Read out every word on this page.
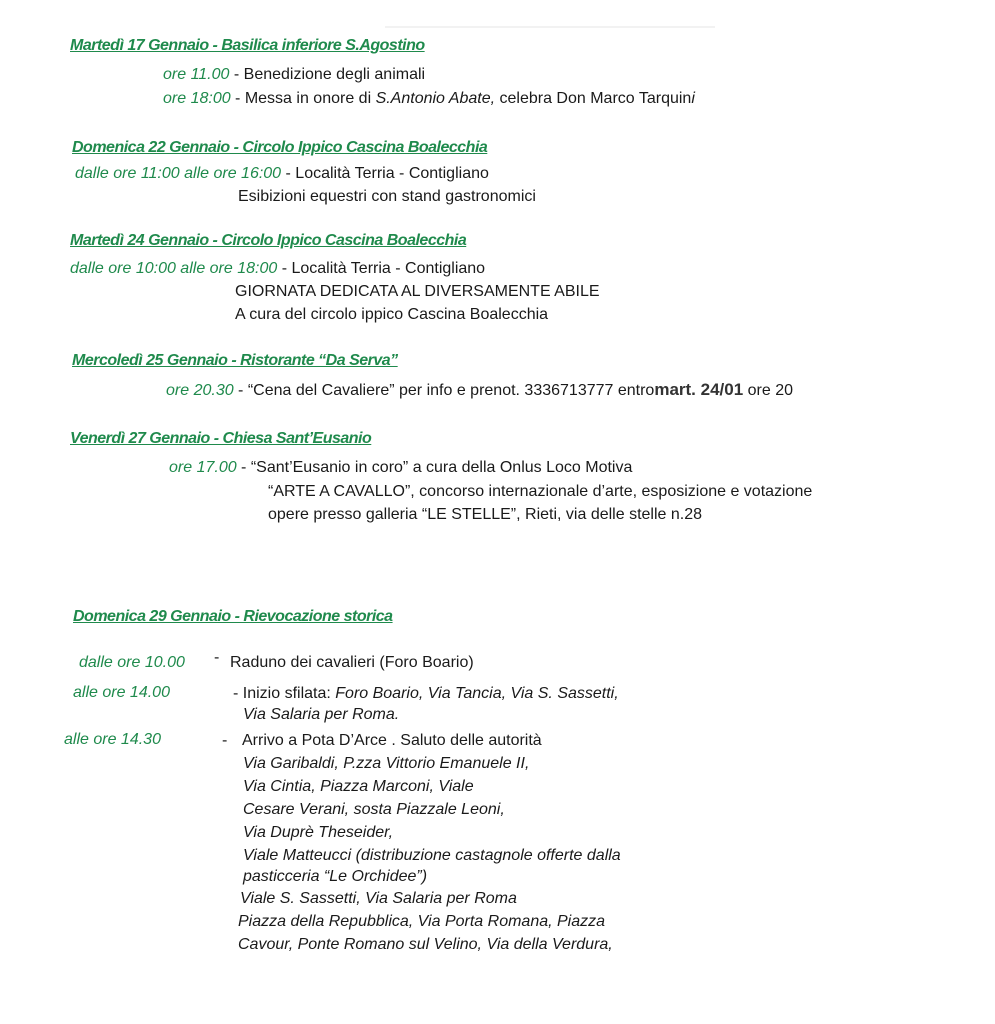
Martedì 17 Gennaio - Basilica inferiore S.Agostino
ore 11.00 - Benedizione degli animali
ore 18:00 - Messa in onore di S.Antonio Abate, celebra Don Marco Tarquini
Domenica 22 Gennaio - Circolo Ippico Cascina Boalecchia
dalle ore 11:00 alle ore 16:00 - Località Terria - Contigliano
Esibizioni equestri con stand gastronomici
Martedì 24 Gennaio - Circolo Ippico Cascina Boalecchia
dalle ore 10:00 alle ore 18:00 - Località Terria - Contigliano
GIORNATA DEDICATA AL DIVERSAMENTE ABILE
A cura del circolo ippico Cascina Boalecchia
Mercoledì 25 Gennaio - Ristorante “Da Serva”
ore 20.30 - “Cena del Cavaliere” per info e prenot. 3336713777 entromart. 24/01 ore 20
Venerdì 27 Gennaio - Chiesa Sant’Eusanio
ore 17.00 - “Sant’Eusanio in coro” a cura della Onlus Loco Motiva
“ARTE A CAVALLO”, concorso internazionale d’arte, esposizione e votazione
opere presso galleria “LE STELLE”, Rieti, via delle stelle n.28
Domenica 29 Gennaio - Rievocazione storica
dalle ore 10.00 - Raduno dei cavalieri (Foro Boario)
alle ore 14.00	- Inizio sfilata: Foro Boario, Via Tancia, Via S. Sassetti,
Via Salaria per Roma.
alle ore 14.30	- Arrivo a Pota D’Arce . Saluto delle autorità
Via Garibaldi, P.zza Vittorio Emanuele II,
Via Cintia, Piazza Marconi, Viale
Cesare Verani, sosta Piazzale Leoni,
Via Duprè Theseider,
Viale Matteucci (distribuzione castagnole offerte dalla
pasticceria “Le Orchidee”)
Viale S. Sassetti, Via Salaria per Roma
Piazza della Repubblica, Via Porta Romana, Piazza
Cavour, Ponte Romano sul Velino, Via della Verdura,
